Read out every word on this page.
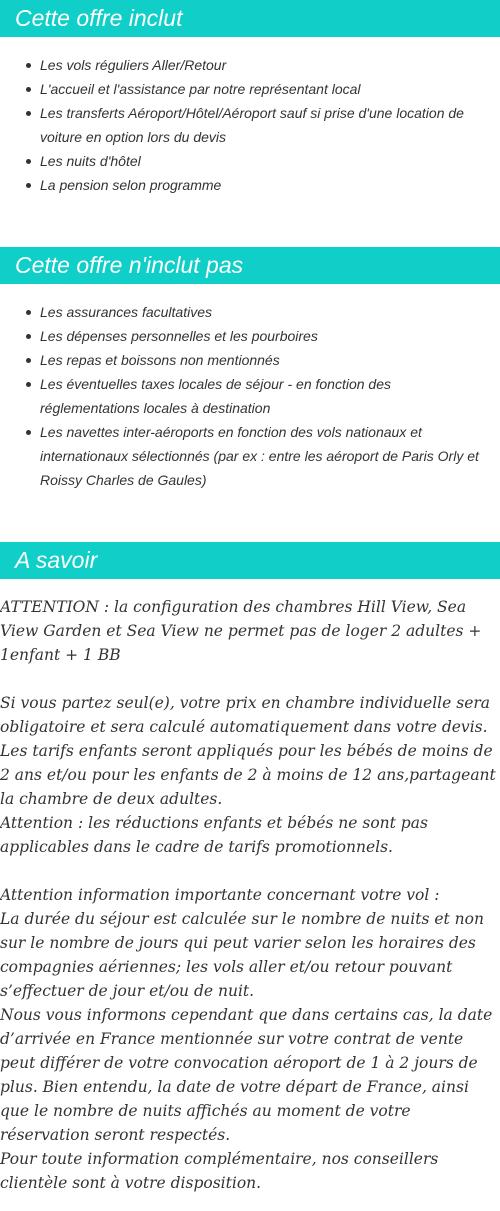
Cette offre inclut
Les vols réguliers Aller/Retour
L'accueil et l'assistance par notre représentant local
Les transferts Aéroport/Hôtel/Aéroport sauf si prise d'une location de voiture en option lors du devis
Les nuits d'hôtel
La pension selon programme
Cette offre n'inclut pas
Les assurances facultatives
Les dépenses personnelles et les pourboires
Les repas et boissons non mentionnés
Les éventuelles taxes locales de séjour - en fonction des réglementations locales à destination
Les navettes inter-aéroports en fonction des vols nationaux et internationaux sélectionnés (par ex : entre les aéroport de Paris Orly et Roissy Charles de Gaules)
A savoir

ATTENTION : la configuration des chambres Hill View, Sea View Garden et Sea View ne permet pas de loger 2 adultes + 1enfant + 1 BB

Si vous partez seul(e), votre prix en chambre individuelle sera obligatoire et sera calculé automatiquement dans votre devis.

Les tarifs enfants seront appliqués pour les bébés de moins de 2 ans et/ou pour les enfants de 2 à moins de 12 ans,partageant la chambre de deux adultes.

Attention : les réductions enfants et bébés ne sont pas applicables dans le cadre de tarifs promotionnels.

Attention information importante concernant votre vol :

La durée du séjour est calculée sur le nombre de nuits et non sur le nombre de jours qui peut varier selon les horaires des compagnies aériennes; les vols aller et/ou retour pouvant s’effectuer de jour et/ou de nuit.

Nous vous informons cependant que dans certains cas, la date d’arrivée en France mentionnée sur votre contrat de vente peut différer de votre convocation aéroport de 1 à 2 jours de plus. Bien entendu, la date de votre départ de France, ainsi que le nombre de nuits affichés au moment de votre réservation seront respectés.

Pour toute information complémentaire, nos conseillers clientèle sont à votre disposition.
